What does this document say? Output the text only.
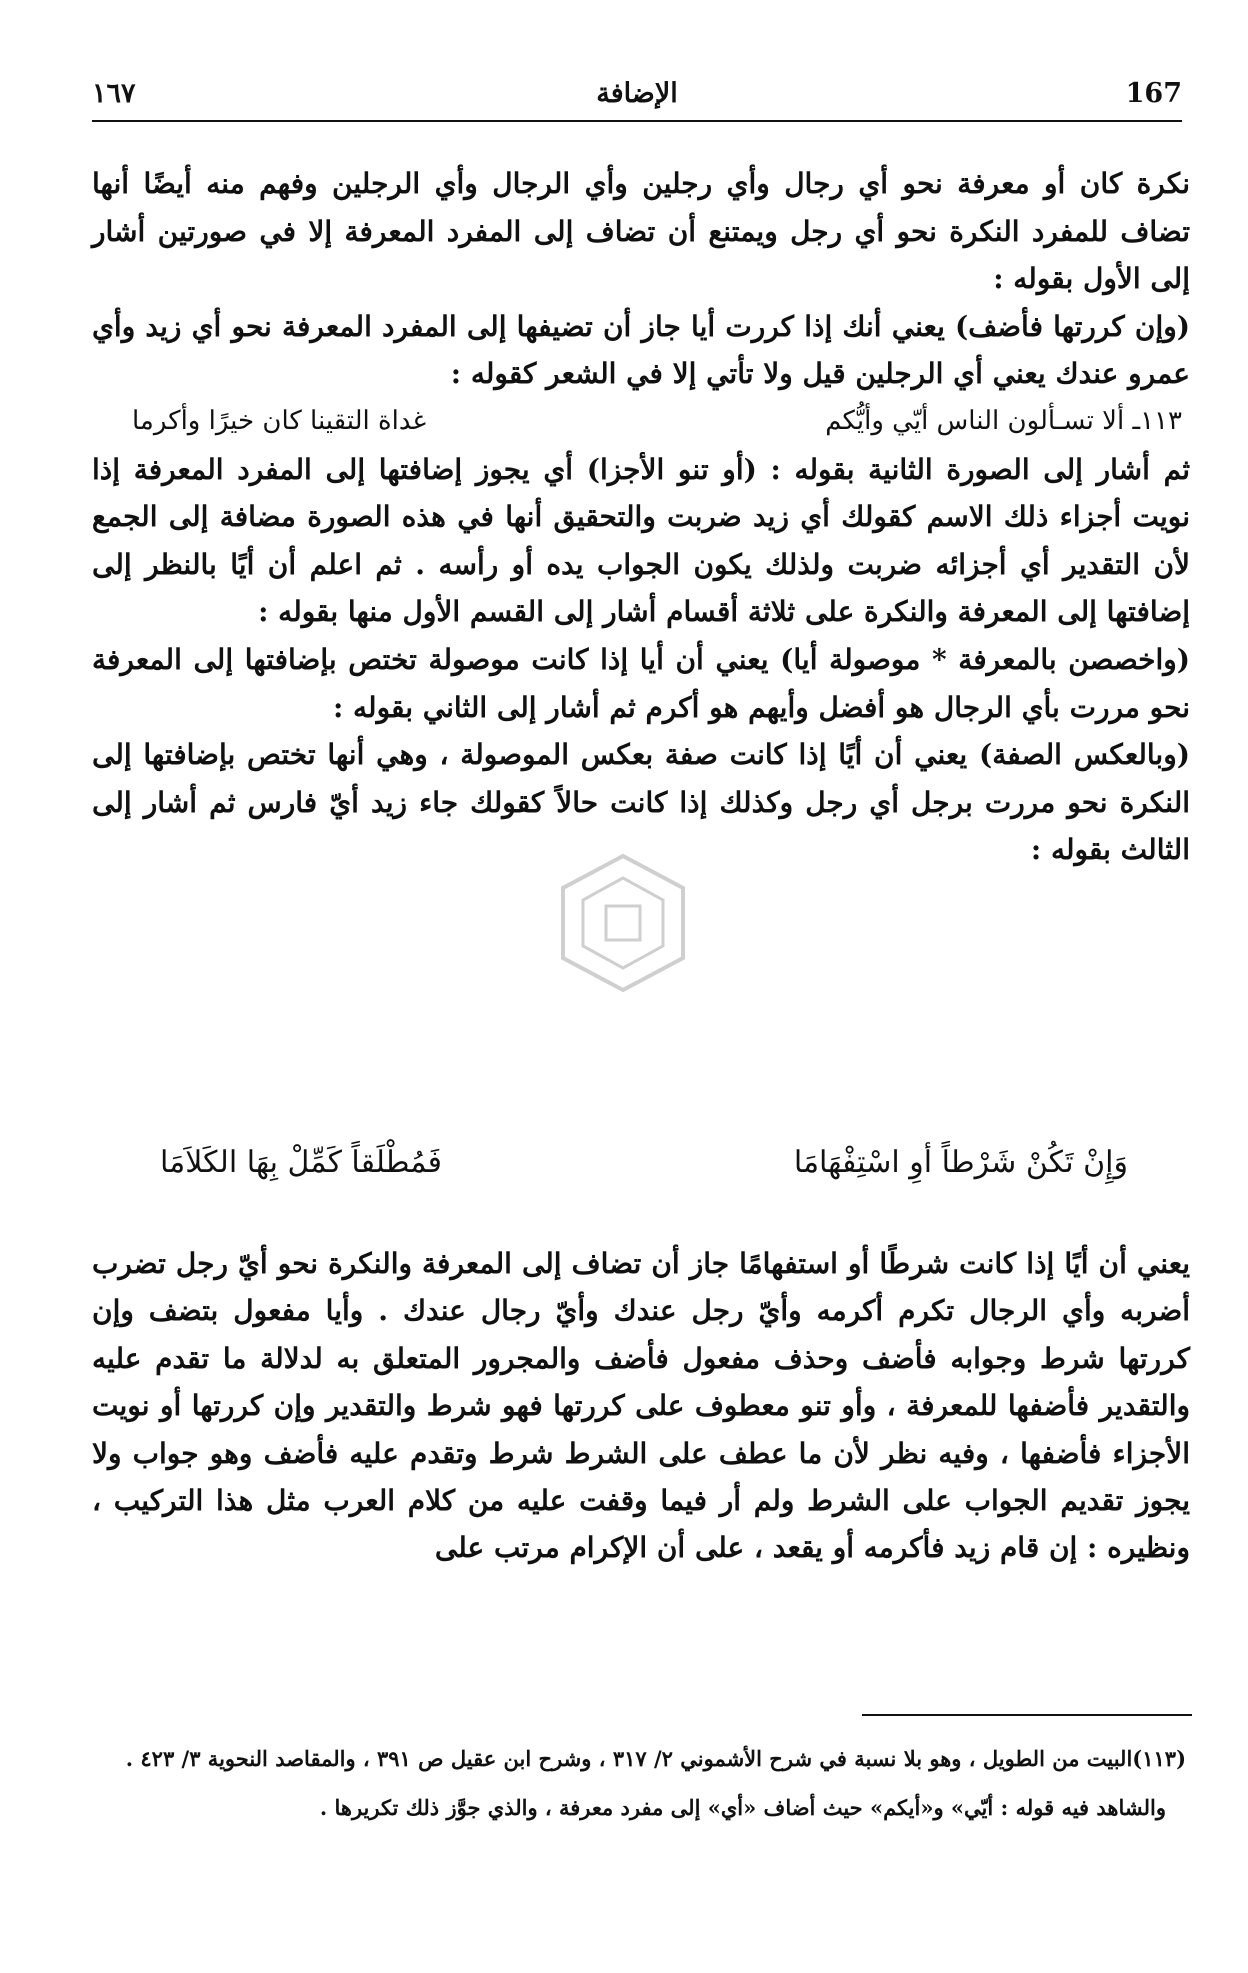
167
الإضافة
١٦٧

نكرة كان أو معرفة نحو أي رجال وأي رجلين وأي الرجال وأي الرجلين وفهم منه أيضًا أنها تضاف للمفرد النكرة نحو أي رجل ويمتنع أن تضاف إلى المفرد المعرفة إلا في صورتين أشار إلى الأول بقوله :

(وإن كررتها فأضف) يعني أنك إذا كررت أيا جاز أن تضيفها إلى المفرد المعرفة نحو أي زيد وأي عمرو عندك يعني أي الرجلين قيل ولا تأتي إلا في الشعر كقوله :

١١٣ـ ألا تسـألون الناس أيّي وأيُّكم
غداة التقينا كان خيرًا وأكرما

ثم أشار إلى الصورة الثانية بقوله : (أو تنو الأجزا) أي يجوز إضافتها إلى المفرد المعرفة إذا نويت أجزاء ذلك الاسم كقولك أي زيد ضربت والتحقيق أنها في هذه الصورة مضافة إلى الجمع لأن التقدير أي أجزائه ضربت ولذلك يكون الجواب يده أو رأسه . ثم اعلم أن أيًا بالنظر إلى إضافتها إلى المعرفة والنكرة على ثلاثة أقسام أشار إلى القسم الأول منها بقوله :

(واخصصن بالمعرفة * موصولة أيا) يعني أن أيا إذا كانت موصولة تختص بإضافتها إلى المعرفة نحو مررت بأي الرجال هو أفضل وأيهم هو أكرم ثم أشار إلى الثاني بقوله :

(وبالعكس الصفة) يعني أن أيًا إذا كانت صفة بعكس الموصولة ، وهي أنها تختص بإضافتها إلى النكرة نحو مررت برجل أي رجل وكذلك إذا كانت حالاً كقولك جاء زيد أيّ فارس ثم أشار إلى الثالث بقوله :

وَإِنْ تَكُنْ شَرْطاً أوِ اسْتِفْهَامَا
فَمُطْلَقاً كَمِّلْ بِهَا الكَلاَمَا

يعني أن أيًا إذا كانت شرطًا أو استفهامًا جاز أن تضاف إلى المعرفة والنكرة نحو أيّ رجل تضرب أضربه وأي الرجال تكرم أكرمه وأيّ رجل عندك وأيّ رجال عندك . وأيا مفعول بتضف وإن كررتها شرط وجوابه فأضف وحذف مفعول فأضف والمجرور المتعلق به لدلالة ما تقدم عليه والتقدير فأضفها للمعرفة ، وأو تنو معطوف على كررتها فهو شرط والتقدير وإن كررتها أو نويت الأجزاء فأضفها ، وفيه نظر لأن ما عطف على الشرط شرط وتقدم عليه فأضف وهو جواب ولا يجوز تقديم الجواب على الشرط ولم أر فيما وقفت عليه من كلام العرب مثل هذا التركيب ، ونظيره : إن قام زيد فأكرمه أو يقعد ، على أن الإكرام مرتب على

(١١٣)البيت من الطويل ، وهو بلا نسبة في شرح الأشموني ٢/ ٣١٧ ، وشرح ابن عقيل ص ٣٩١ ، والمقاصد النحوية ٣/ ٤٢٣ .

والشاهد فيه قوله : أيّي» و«أيكم» حيث أضاف «أي» إلى مفرد معرفة ، والذي جوَّز ذلك تكريرها .
